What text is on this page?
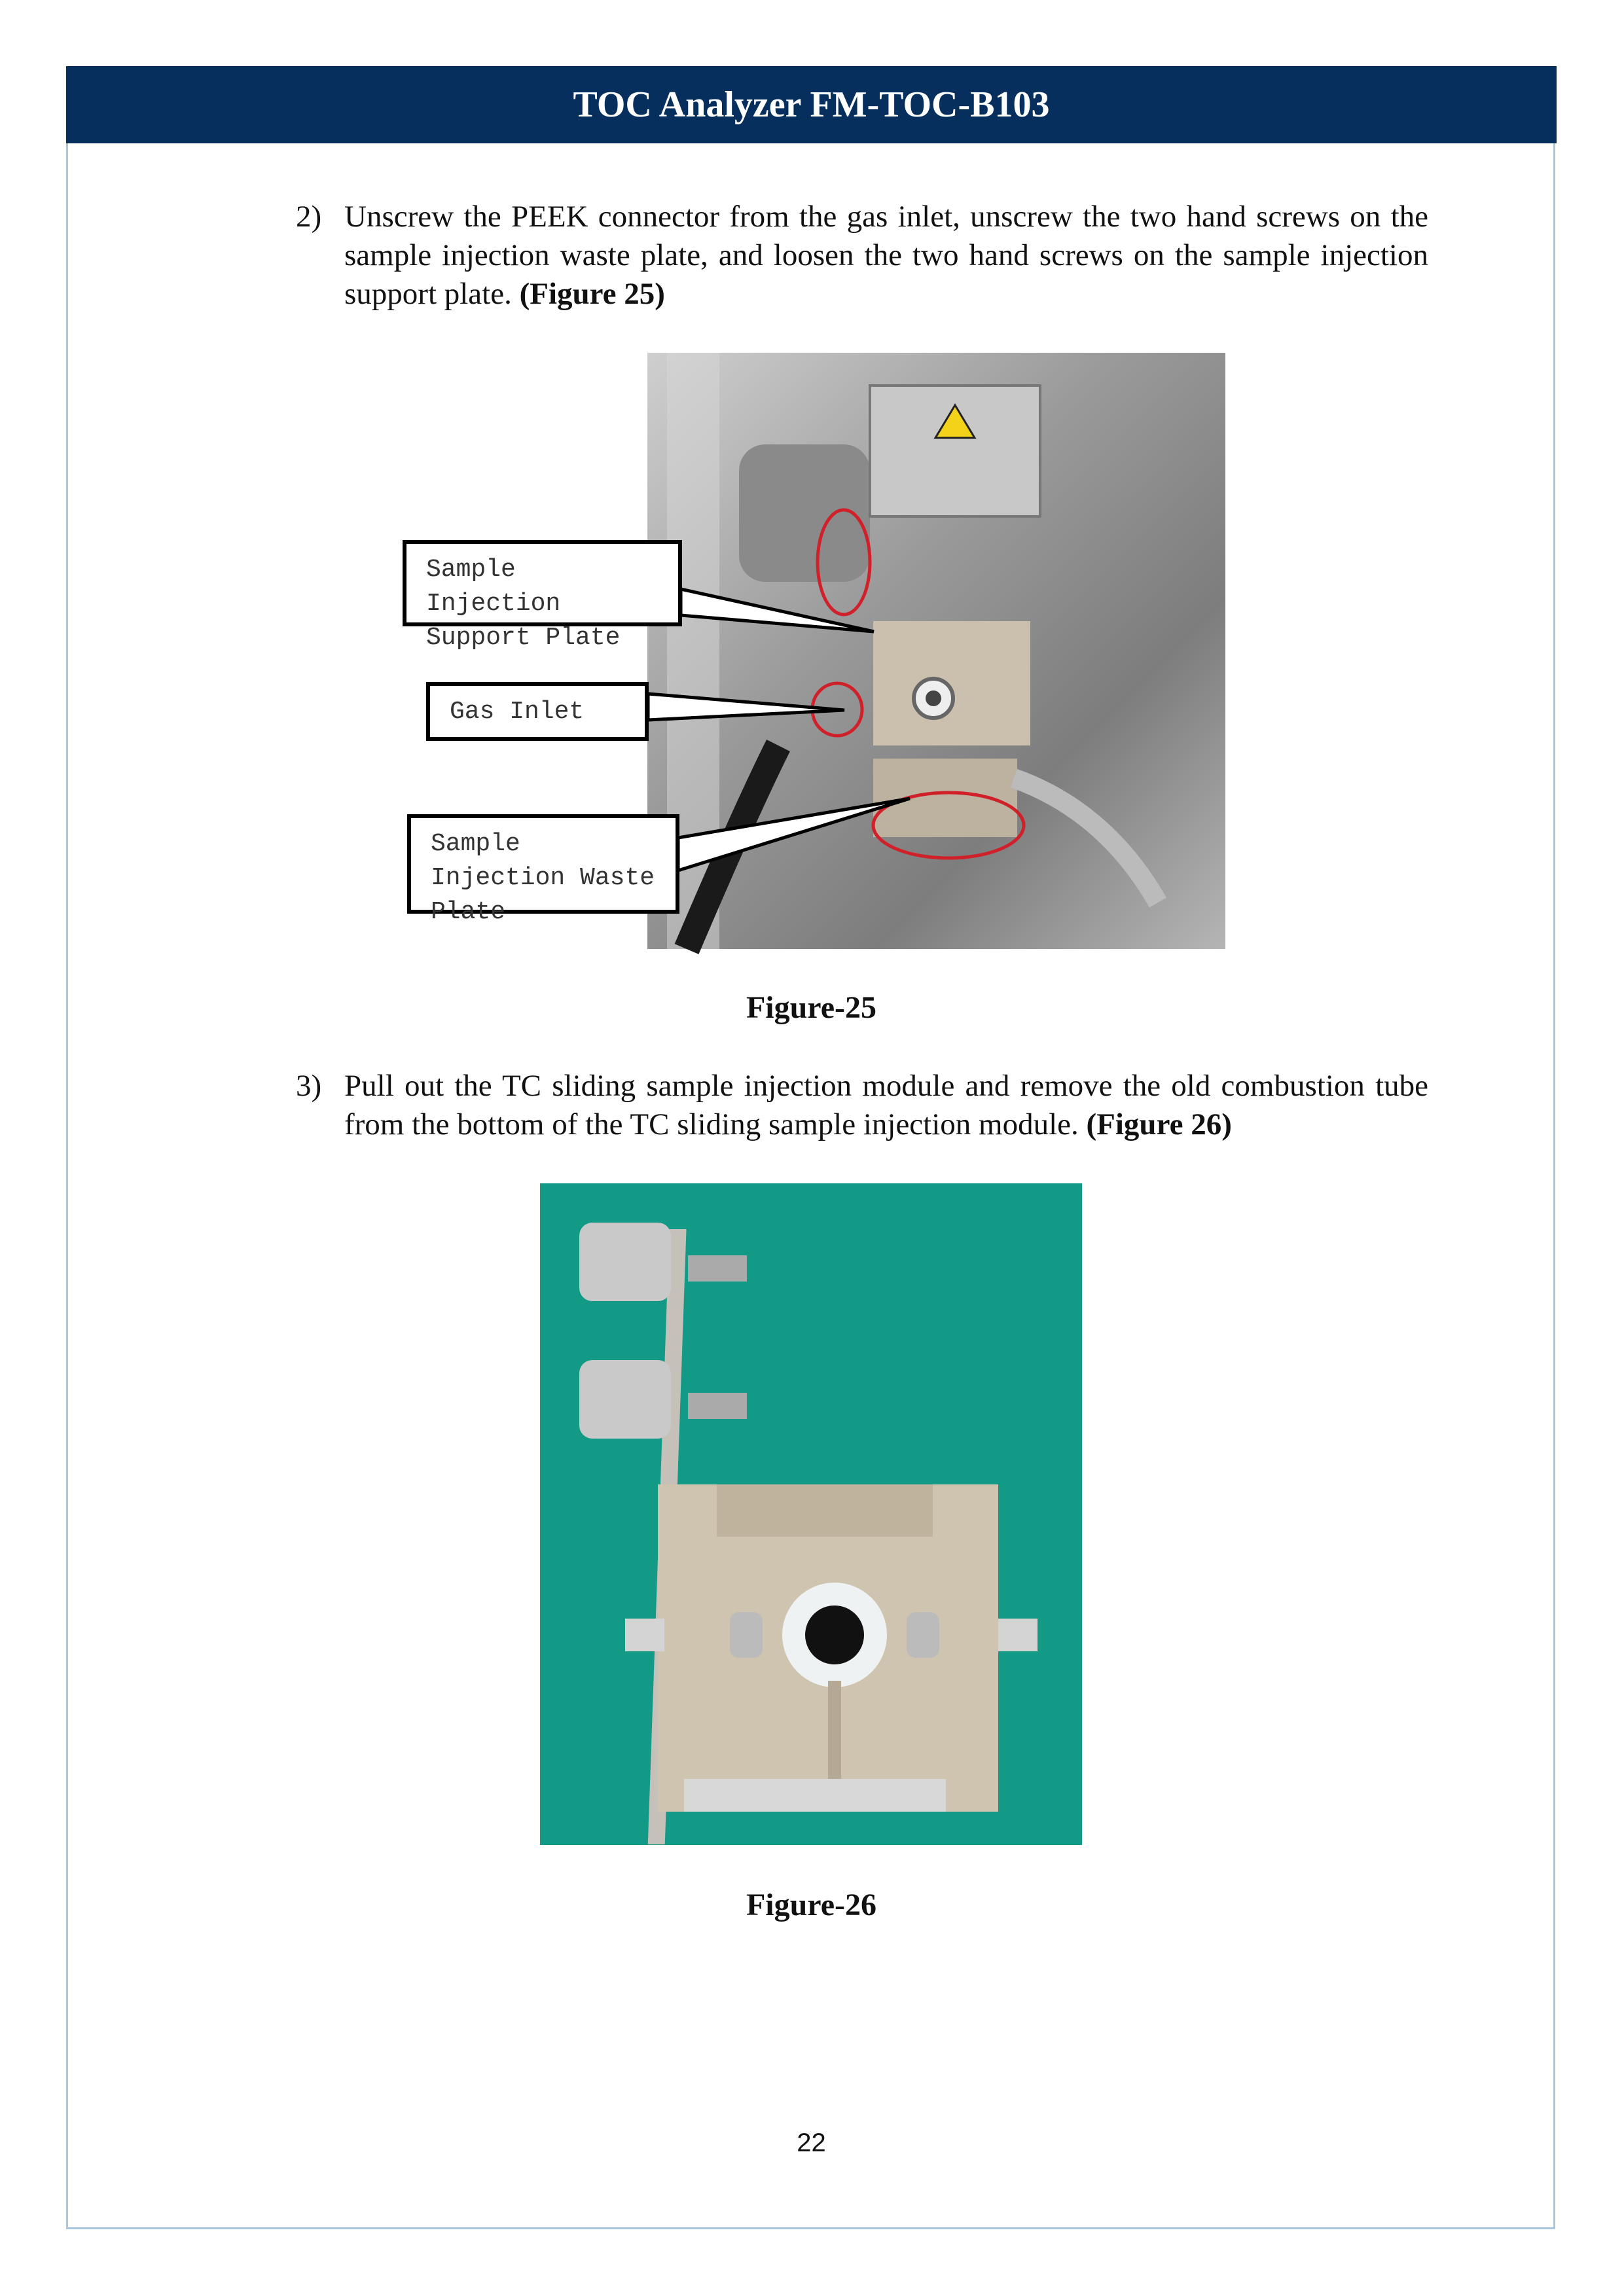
TOC Analyzer FM-TOC-B103
2) Unscrew the PEEK connector from the gas inlet, unscrew the two hand screws on the sample injection waste plate, and loosen the two hand screws on the sample injection support plate. (Figure 25)
Sample Injection Support Plate
Gas Inlet
Sample Injection Waste Plate
Figure-25
3) Pull out the TC sliding sample injection module and remove the old combustion tube from the bottom of the TC sliding sample injection module. (Figure 26)
Figure-26
22
